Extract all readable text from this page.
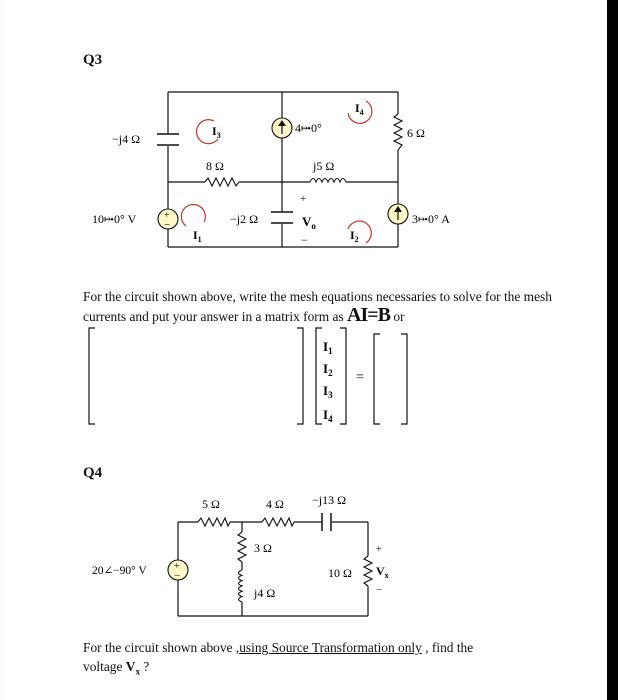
Q3
+
−
+
−
−j4 Ω
8 Ω	j5 Ω
6 Ω
10⤠0° V	−j2 Ω
4⤠0°
3⤠0° A
$V_o$
$I_3$
$I_4$
$I_1$	$I_2$
For the circuit shown above, write the mesh equations necessaries to solve for the mesh
currents and put your answer in a matrix form as AI=B or
$I_1$
$I_2$
$I_3$
$I_4$
=
Q4
+
−
+
−
5 Ω	4 Ω −j13 Ω
3 Ω
j4 Ω
10 Ω $V_x$
20∠−90° V
For the circuit shown above ,using Source Transformation only , find the
voltage $V_x$ ?
